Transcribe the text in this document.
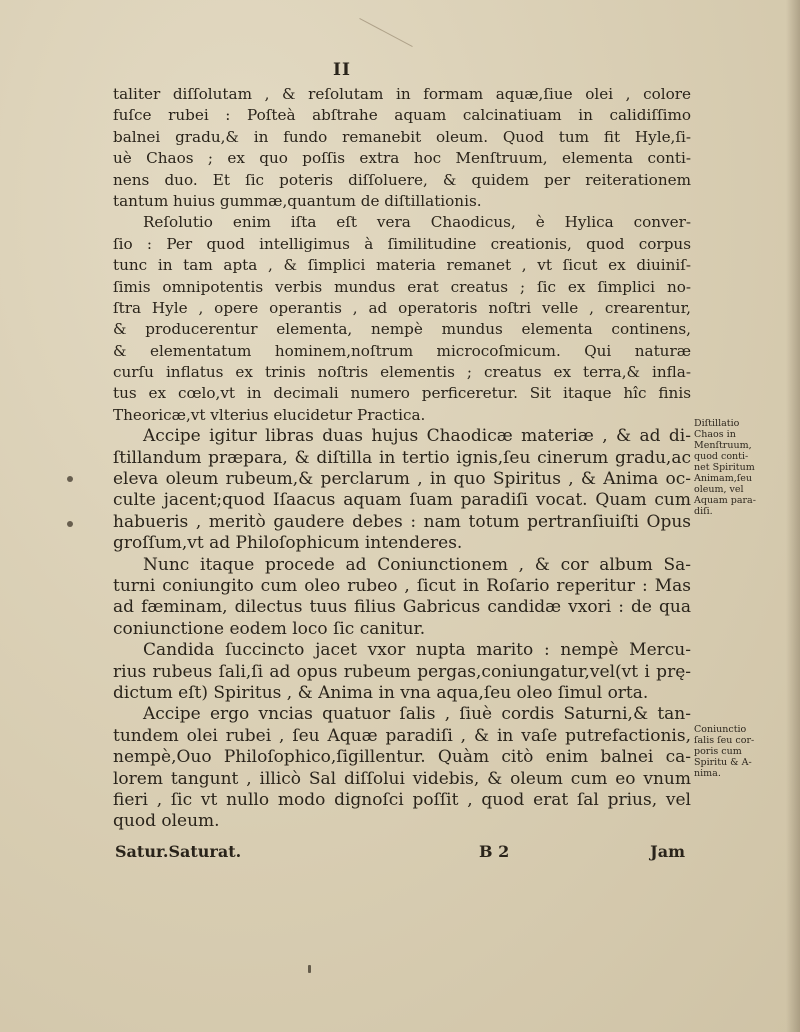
II
taliter diſſolutam , & reſolutam in formam aquæ,ſiue olei , colore
fuſce rubei : Poſteà abſtrahe aquam calcinatiuam in calidiſſimo
balnei gradu,& in fundo remanebit oleum. Quod tum fit Hyle,ſi-
uè Chaos ; ex quo poſſis extra hoc Menſtruum, elementa conti-
nens duo. Et ſic poteris diſſoluere, & quidem per reiterationem
tantum huius gummæ,quantum de diſtillationis.
Reſolutio enim iſta eſt vera Chaodicus, è Hylica conver-
ſio : Per quod intelligimus à ſimilitudine creationis, quod corpus
tunc in tam apta , & ſimplici materia remanet , vt ſicut ex diuiniſ-
ſimis omnipotentis verbis mundus erat creatus ; ſic ex ſimplici no-
ſtra Hyle , opere operantis , ad operatoris noſtri velle , crearentur,
& producerentur elementa, nempè mundus elementa continens,
& elementatum hominem,noſtrum microcoſmicum. Qui naturæ
curſu inflatus ex trinis noſtris elementis ; creatus ex terra,& infla-
tus ex cœlo,vt in decimali numero perficeretur. Sit itaque hîc finis
Theoricæ,vt vlterius elucidetur Practica.
Accipe igitur libras duas hujus Chaodicæ materiæ , & ad di-
ſtillandum præpara, & diſtilla in tertio ignis,ſeu cinerum gradu,ac
eleva oleum rubeum,& perclarum , in quo Spiritus , & Anima oc-
culte jacent;quod Iſaacus aquam ſuam paradiſi vocat. Quam cum
habueris , meritò gaudere debes : nam totum pertranſiuiſti Opus
groſſum,vt ad Philoſophicum intenderes.
Nunc itaque procede ad Coniunctionem , & cor album Sa-
turni coniungito cum oleo rubeo , ſicut in Roſario reperitur : Mas
ad fæminam, dilectus tuus filius Gabricus candidæ vxori : de qua
coniunctione eodem loco ſic canitur.
Candida ſuccincto jacet vxor nupta marito : nempè Mercu-
rius rubeus ſali,ſi ad opus rubeum pergas,coniungatur,vel(vt i prę-
dictum eſt) Spiritus , & Anima in vna aqua,ſeu oleo ſimul orta.
Accipe ergo vncias quatuor ſalis , ſiuè cordis Saturni,& tan-
tundem olei rubei , ſeu Aquæ paradiſi , & in vaſe putrefactionis,
nempè,Ouo Philoſophico,ſigillentur. Quàm citò enim balnei ca-
lorem tangunt , illicò Sal diſſolui videbis, & oleum cum eo vnum
fieri , ſic vt nullo modo dignoſci poſſit , quod erat ſal prius, vel
quod oleum.
Diſtillatio
Chaos in
Menſtruum,
quod conti-
net Spiritum
Animam,ſeu
oleum, vel
Aquam para-
diſi.
Coniunctio
ſalis ſeu cor-
poris cum
Spiritu & A-
nima.
Satur.Saturat.	B 2	Jam
